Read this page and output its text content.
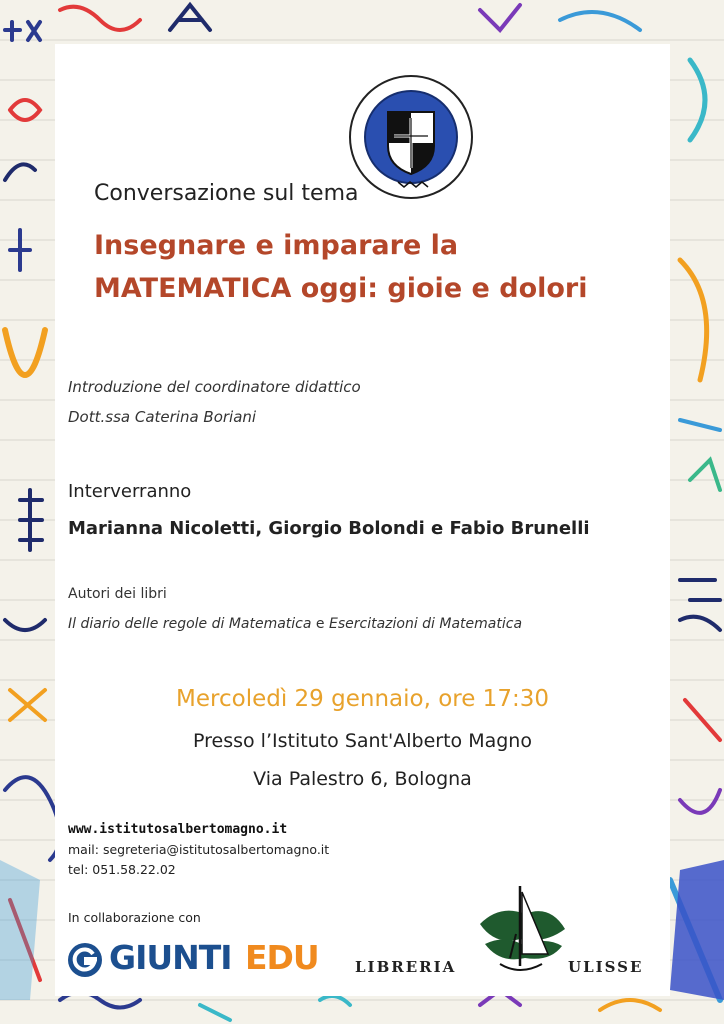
Conversazione sul tema
Insegnare e imparare la
MATEMATICA oggi: gioie e dolori
Introduzione del coordinatore didattico
Dott.ssa Caterina Boriani
Interverranno
Marianna Nicoletti, Giorgio Bolondi e Fabio Brunelli
Autori dei libri
Il diario delle regole di Matematica e Esercitazioni di Matematica
Mercoledì 29 gennaio, ore 17:30
Presso l’Istituto Sant'Alberto Magno
Via Palestro 6, Bologna
www.istitutosalbertomagno.it
mail: segreteria@istitutosalbertomagno.it
tel: 051.58.22.02
In collaborazione con
GIUNTI EDU LIBRERIA	ULISSE
